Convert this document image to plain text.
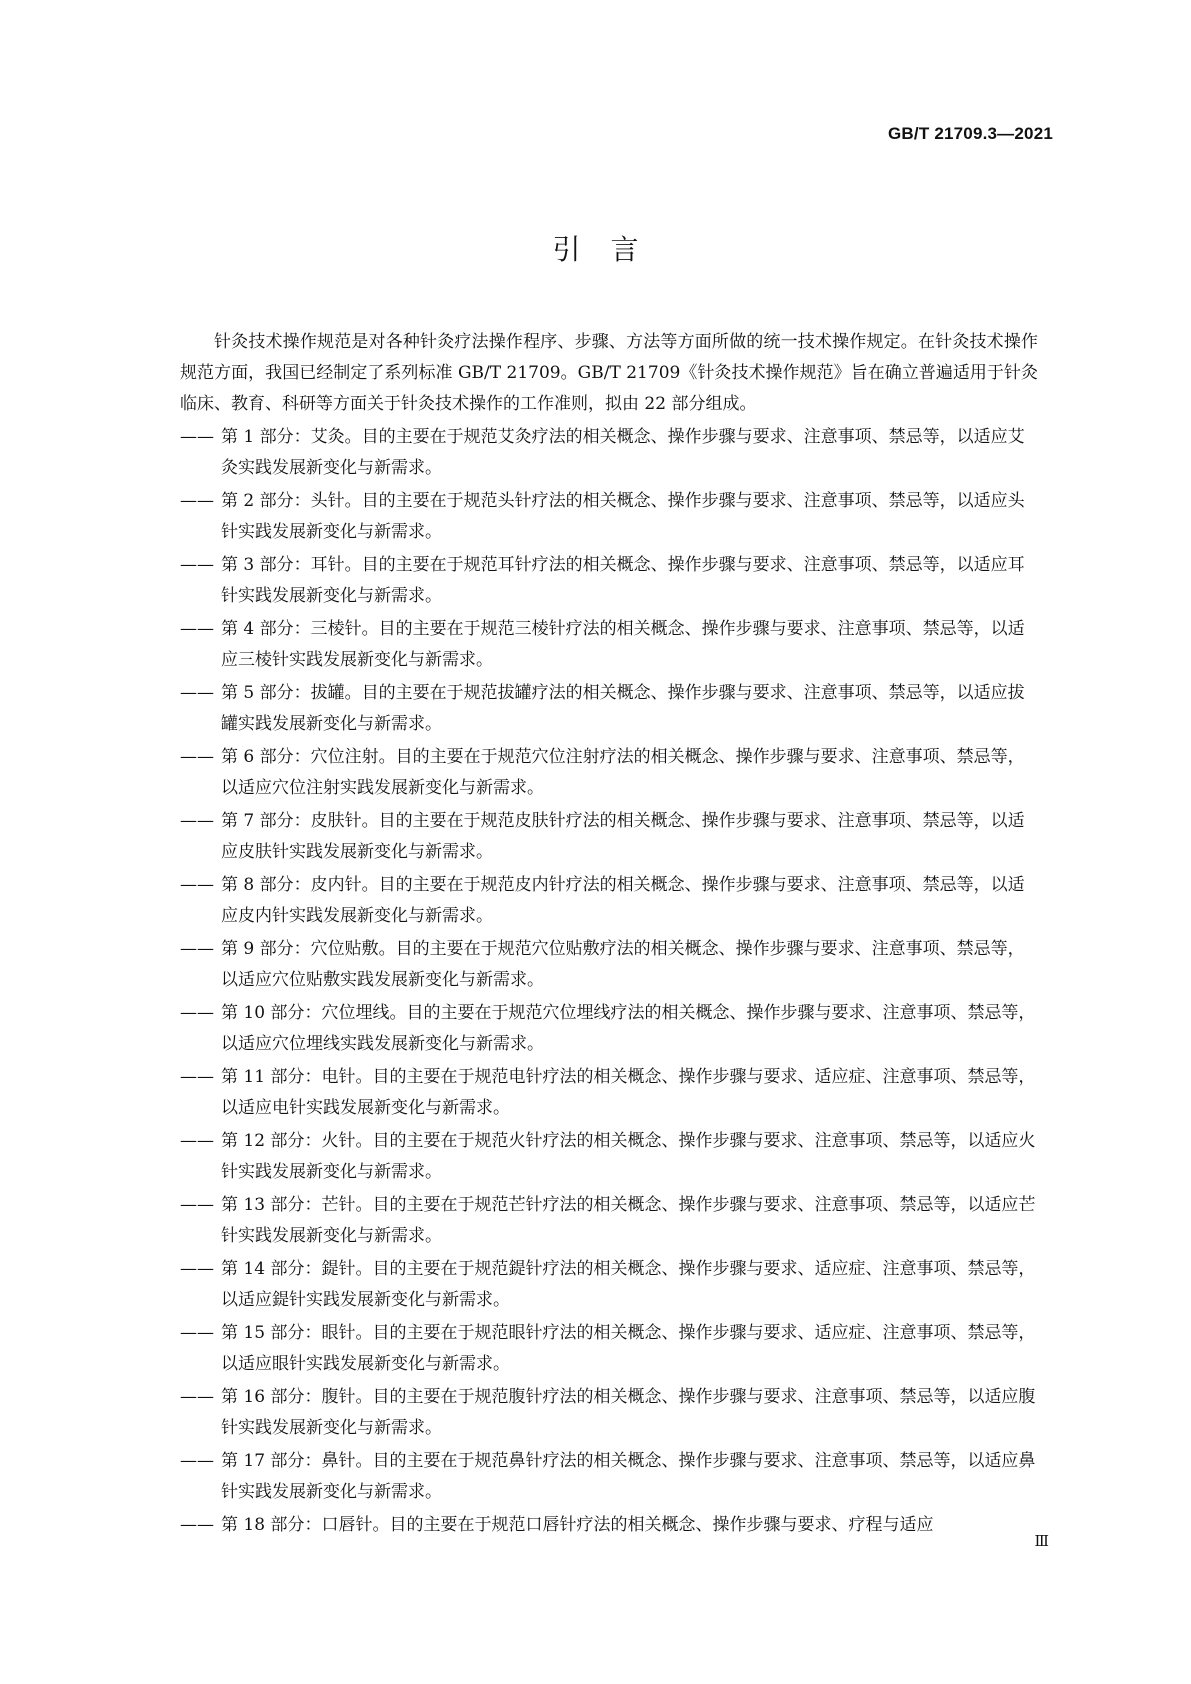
GB/T 21709.3—2021
引言

针灸技术操作规范是对各种针灸疗法操作程序、步骤、方法等方面所做的统一技术操作规定。在针灸技术操作规范方面，我国已经制定了系列标准 GB/T 21709。GB/T 21709《针灸技术操作规范》旨在确立普遍适用于针灸临床、教育、科研等方面关于针灸技术操作的工作准则，拟由 22 部分组成。

—— 第 1 部分：艾灸。目的主要在于规范艾灸疗法的相关概念、操作步骤与要求、注意事项、禁忌等，以适应艾灸实践发展新变化与新需求。
—— 第 2 部分：头针。目的主要在于规范头针疗法的相关概念、操作步骤与要求、注意事项、禁忌等，以适应头针实践发展新变化与新需求。
—— 第 3 部分：耳针。目的主要在于规范耳针疗法的相关概念、操作步骤与要求、注意事项、禁忌等，以适应耳针实践发展新变化与新需求。
—— 第 4 部分：三棱针。目的主要在于规范三棱针疗法的相关概念、操作步骤与要求、注意事项、禁忌等，以适应三棱针实践发展新变化与新需求。
—— 第 5 部分：拔罐。目的主要在于规范拔罐疗法的相关概念、操作步骤与要求、注意事项、禁忌等，以适应拔罐实践发展新变化与新需求。
—— 第 6 部分：穴位注射。目的主要在于规范穴位注射疗法的相关概念、操作步骤与要求、注意事项、禁忌等，以适应穴位注射实践发展新变化与新需求。
—— 第 7 部分：皮肤针。目的主要在于规范皮肤针疗法的相关概念、操作步骤与要求、注意事项、禁忌等，以适应皮肤针实践发展新变化与新需求。
—— 第 8 部分：皮内针。目的主要在于规范皮内针疗法的相关概念、操作步骤与要求、注意事项、禁忌等，以适应皮内针实践发展新变化与新需求。
—— 第 9 部分：穴位贴敷。目的主要在于规范穴位贴敷疗法的相关概念、操作步骤与要求、注意事项、禁忌等，以适应穴位贴敷实践发展新变化与新需求。
—— 第 10 部分：穴位埋线。目的主要在于规范穴位埋线疗法的相关概念、操作步骤与要求、注意事项、禁忌等，以适应穴位埋线实践发展新变化与新需求。
—— 第 11 部分：电针。目的主要在于规范电针疗法的相关概念、操作步骤与要求、适应症、注意事项、禁忌等，以适应电针实践发展新变化与新需求。
—— 第 12 部分：火针。目的主要在于规范火针疗法的相关概念、操作步骤与要求、注意事项、禁忌等，以适应火针实践发展新变化与新需求。
—— 第 13 部分：芒针。目的主要在于规范芒针疗法的相关概念、操作步骤与要求、注意事项、禁忌等，以适应芒针实践发展新变化与新需求。
—— 第 14 部分：鍉针。目的主要在于规范鍉针疗法的相关概念、操作步骤与要求、适应症、注意事项、禁忌等，以适应鍉针实践发展新变化与新需求。
—— 第 15 部分：眼针。目的主要在于规范眼针疗法的相关概念、操作步骤与要求、适应症、注意事项、禁忌等，以适应眼针实践发展新变化与新需求。
—— 第 16 部分：腹针。目的主要在于规范腹针疗法的相关概念、操作步骤与要求、注意事项、禁忌等，以适应腹针实践发展新变化与新需求。
—— 第 17 部分：鼻针。目的主要在于规范鼻针疗法的相关概念、操作步骤与要求、注意事项、禁忌等，以适应鼻针实践发展新变化与新需求。
—— 第 18 部分：口唇针。目的主要在于规范口唇针疗法的相关概念、操作步骤与要求、疗程与适应
Ⅲ
